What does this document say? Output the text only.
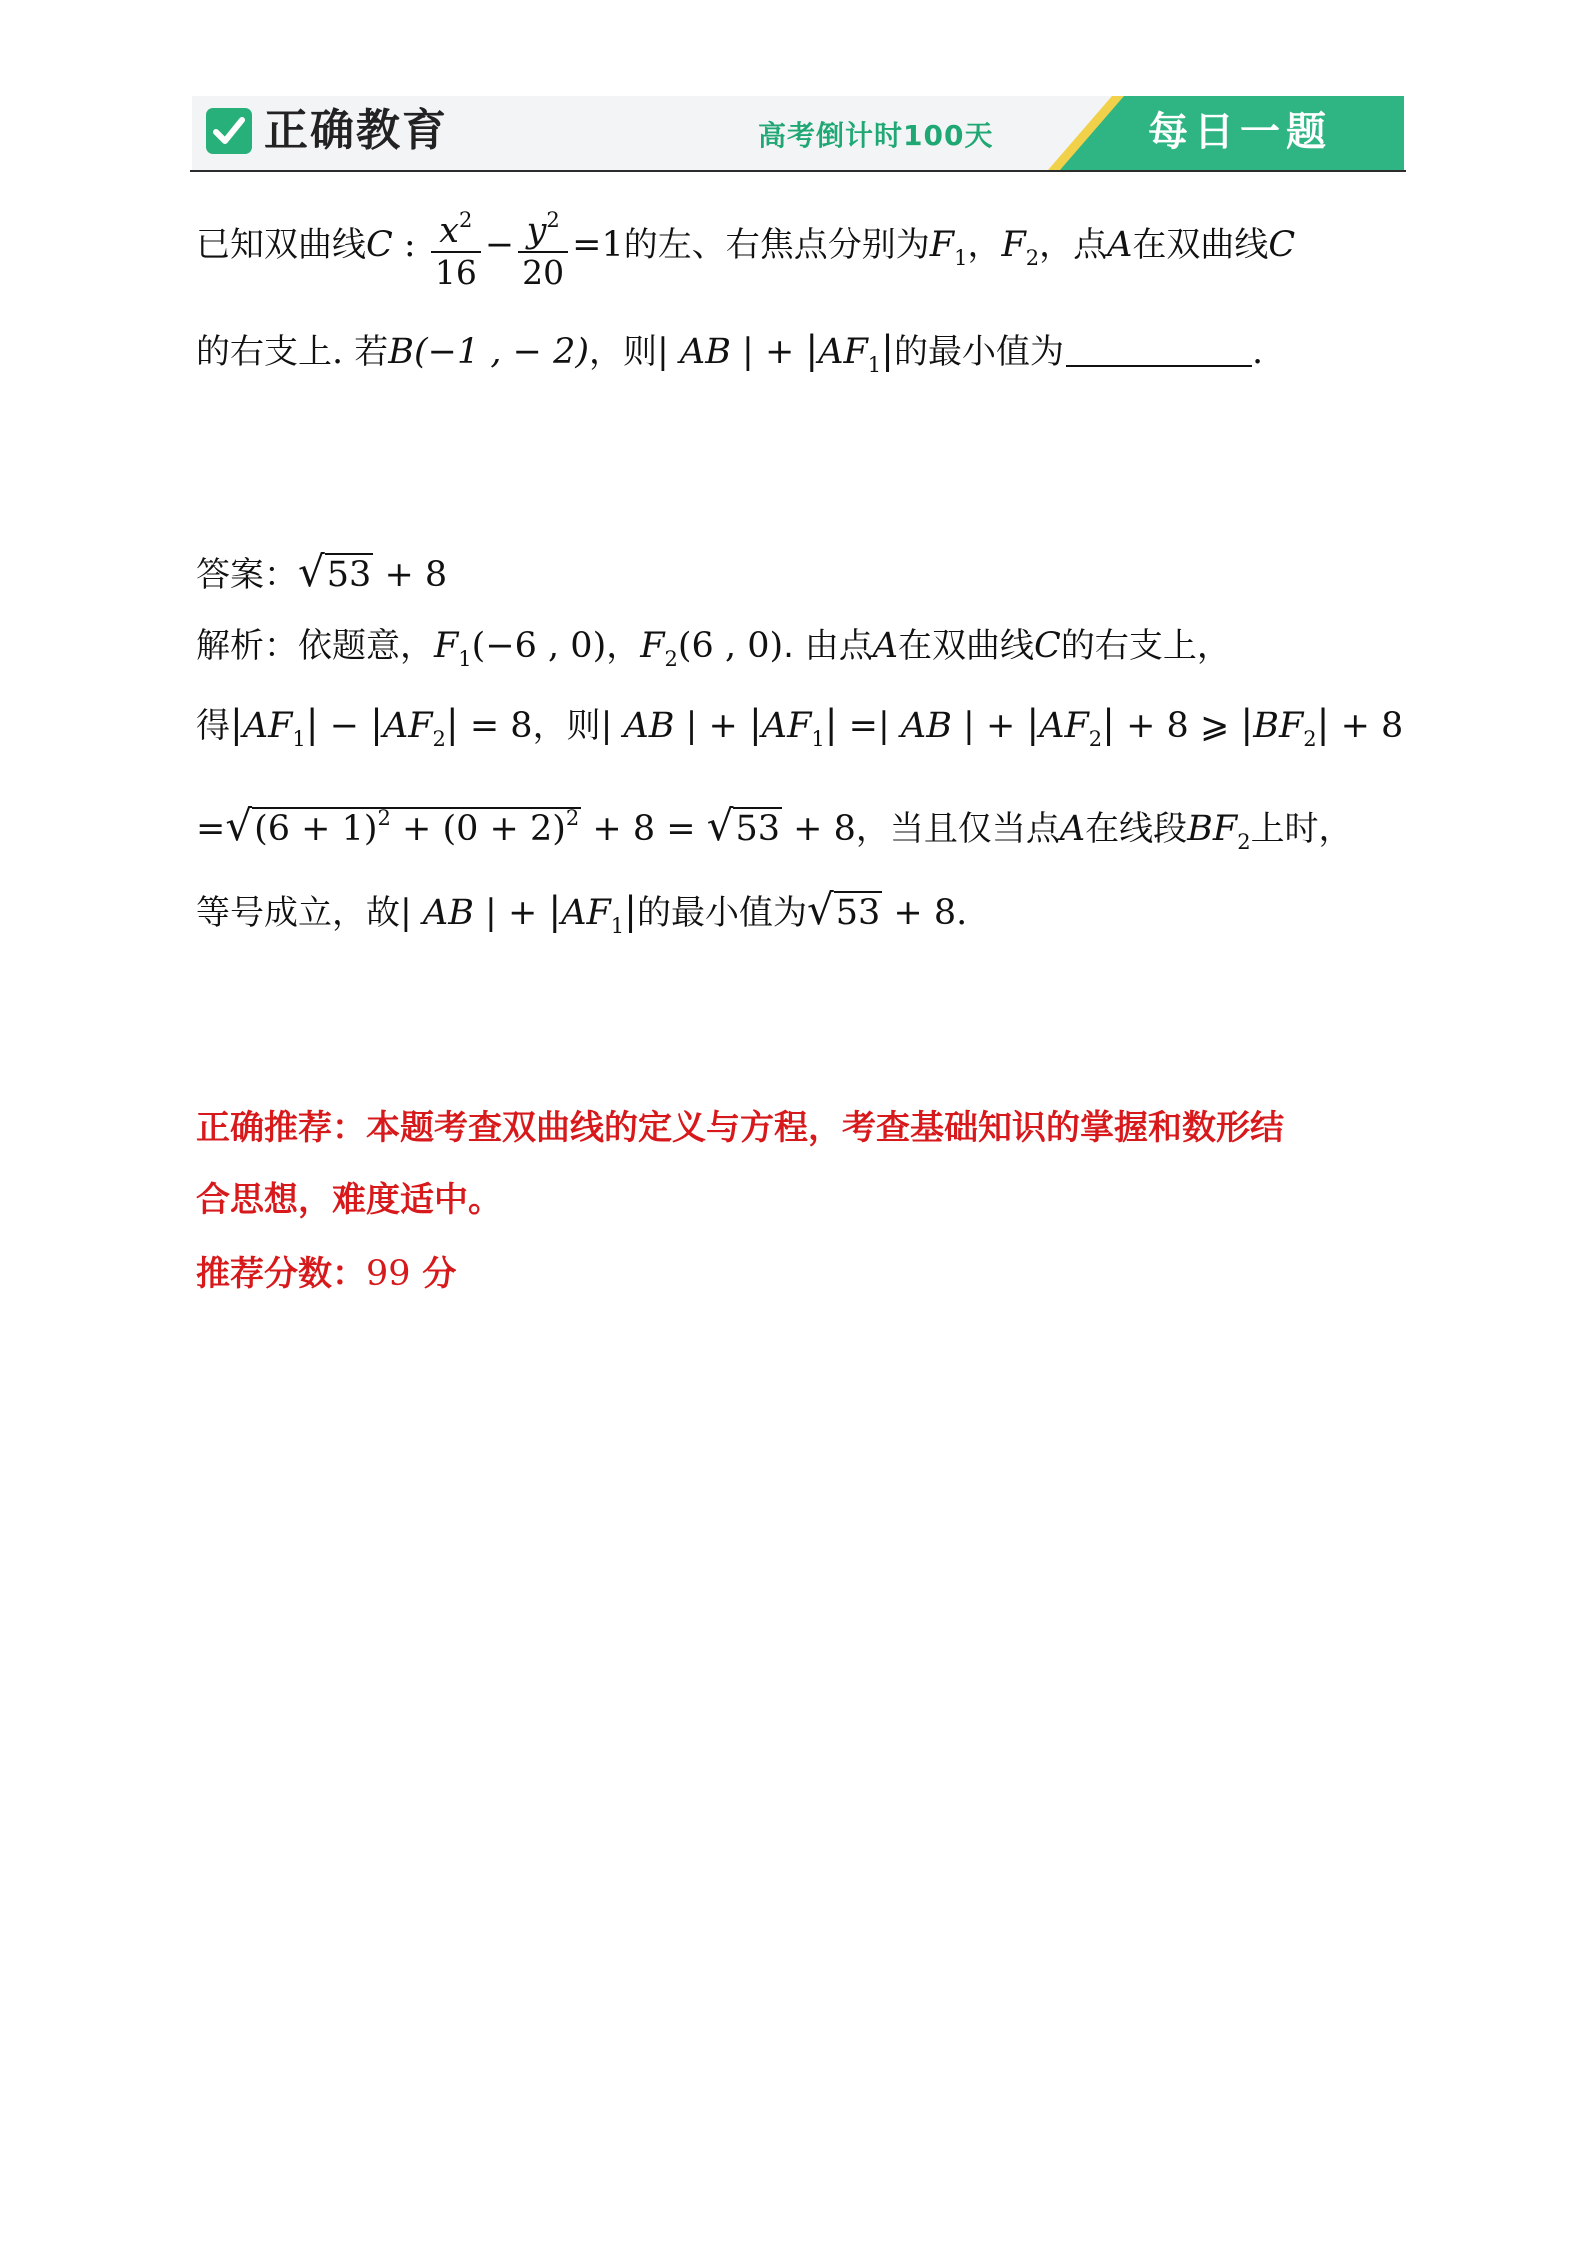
正确教育	高考倒计时100天	每日一题
已知双曲线C : $\frac{x^2}{16} - \frac{y^2}{20} =1$的左、右焦点分别为$F_1$，$F_2$，点A在双曲线C
的右支上. 若B(−1 , − 2)，则| AB | + $|AF_1|$的最小值为	.
答案：√53 + 8
解析：依题意，$F_1(-6$ , 0)，$F_2(6$ , 0). 由点A在双曲线C的右支上，
得$|AF_1| - |AF_2| = 8$，则| AB | + $|AF_1|$ =| AB | + $|AF_2| + 8$ ⩾ $|BF_2| + 8$
$=√(6 + 1)^2 + (0 + 2)^2 + 8 = √53 + 8$，当且仅当点A在线段$BF_2$上时，
等号成立，故| AB | + $|AF_1|$的最小值为√53 + 8.
正确推荐：本题考查双曲线的定义与方程，考查基础知识的掌握和数形结
合思想，难度适中。
推荐分数：99 分
